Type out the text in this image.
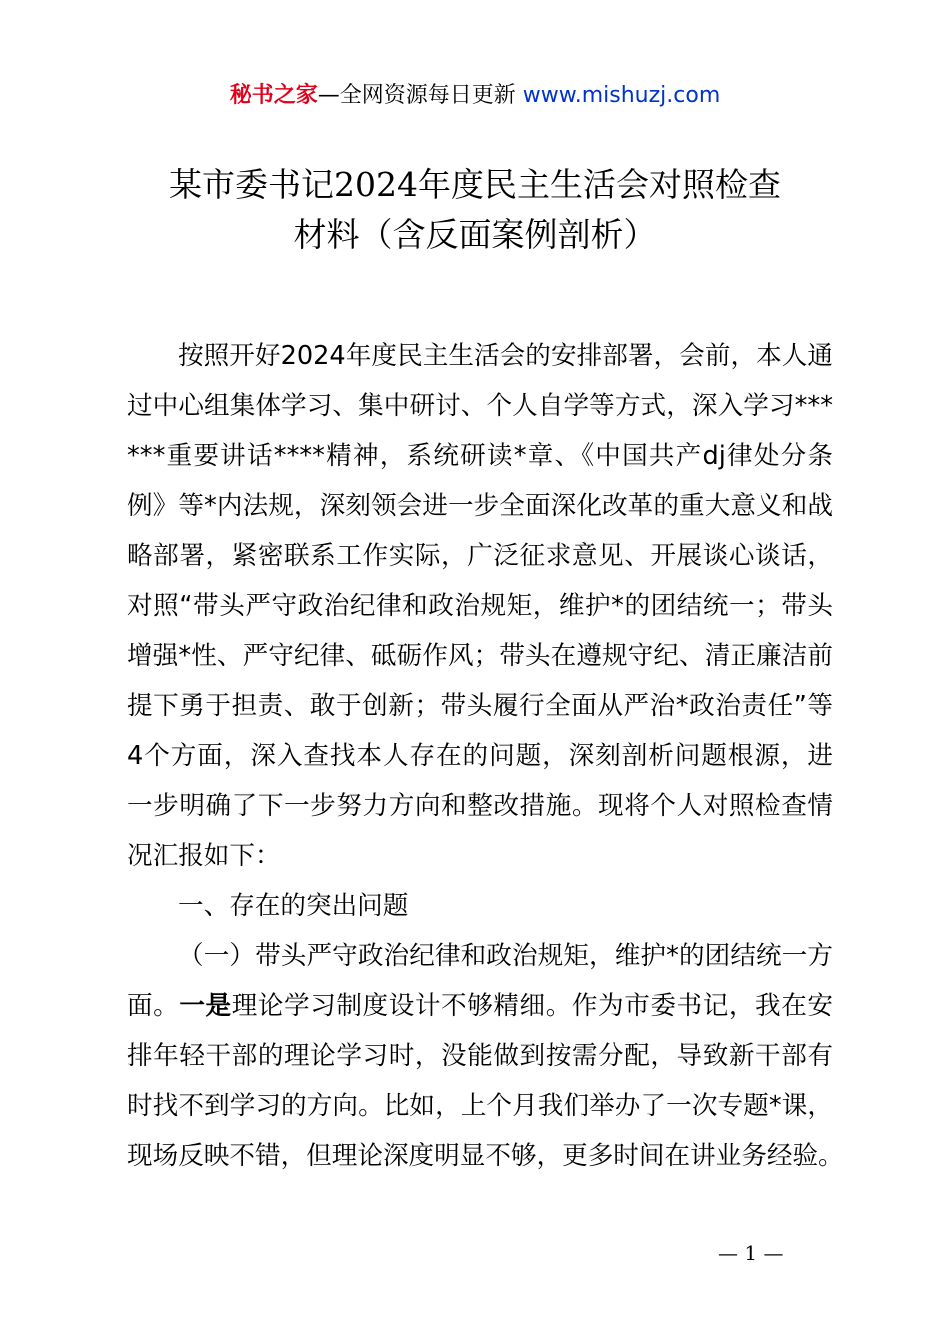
秘书之家—全网资源每日更新 www.mishuzj.com
某市委书记2024年度民主生活会对照检查
材料（含反面案例剖析）
按照开好2024年度民主生活会的安排部署，会前，本人通
过中心组集体学习、集中研讨、个人自学等方式，深入学习***
***重要讲话****精神，系统研读*章、《中国共产dj律处分条
例》等*内法规，深刻领会进一步全面深化改革的重大意义和战
略部署，紧密联系工作实际，广泛征求意见、开展谈心谈话，
对照“带头严守政治纪律和政治规矩，维护*的团结统一；带头
增强*性、严守纪律、砥砺作风；带头在遵规守纪、清正廉洁前
提下勇于担责、敢于创新；带头履行全面从严治*政治责任”等
4个方面，深入查找本人存在的问题，深刻剖析问题根源，进
一步明确了下一步努力方向和整改措施。现将个人对照检查情
况汇报如下：
一、存在的突出问题
（一）带头严守政治纪律和政治规矩，维护*的团结统一方
面。一是理论学习制度设计不够精细。作为市委书记，我在安
排年轻干部的理论学习时，没能做到按需分配，导致新干部有
时找不到学习的方向。比如，上个月我们举办了一次专题*课，
现场反映不错，但理论深度明显不够，更多时间在讲业务经验。
— 1 —
